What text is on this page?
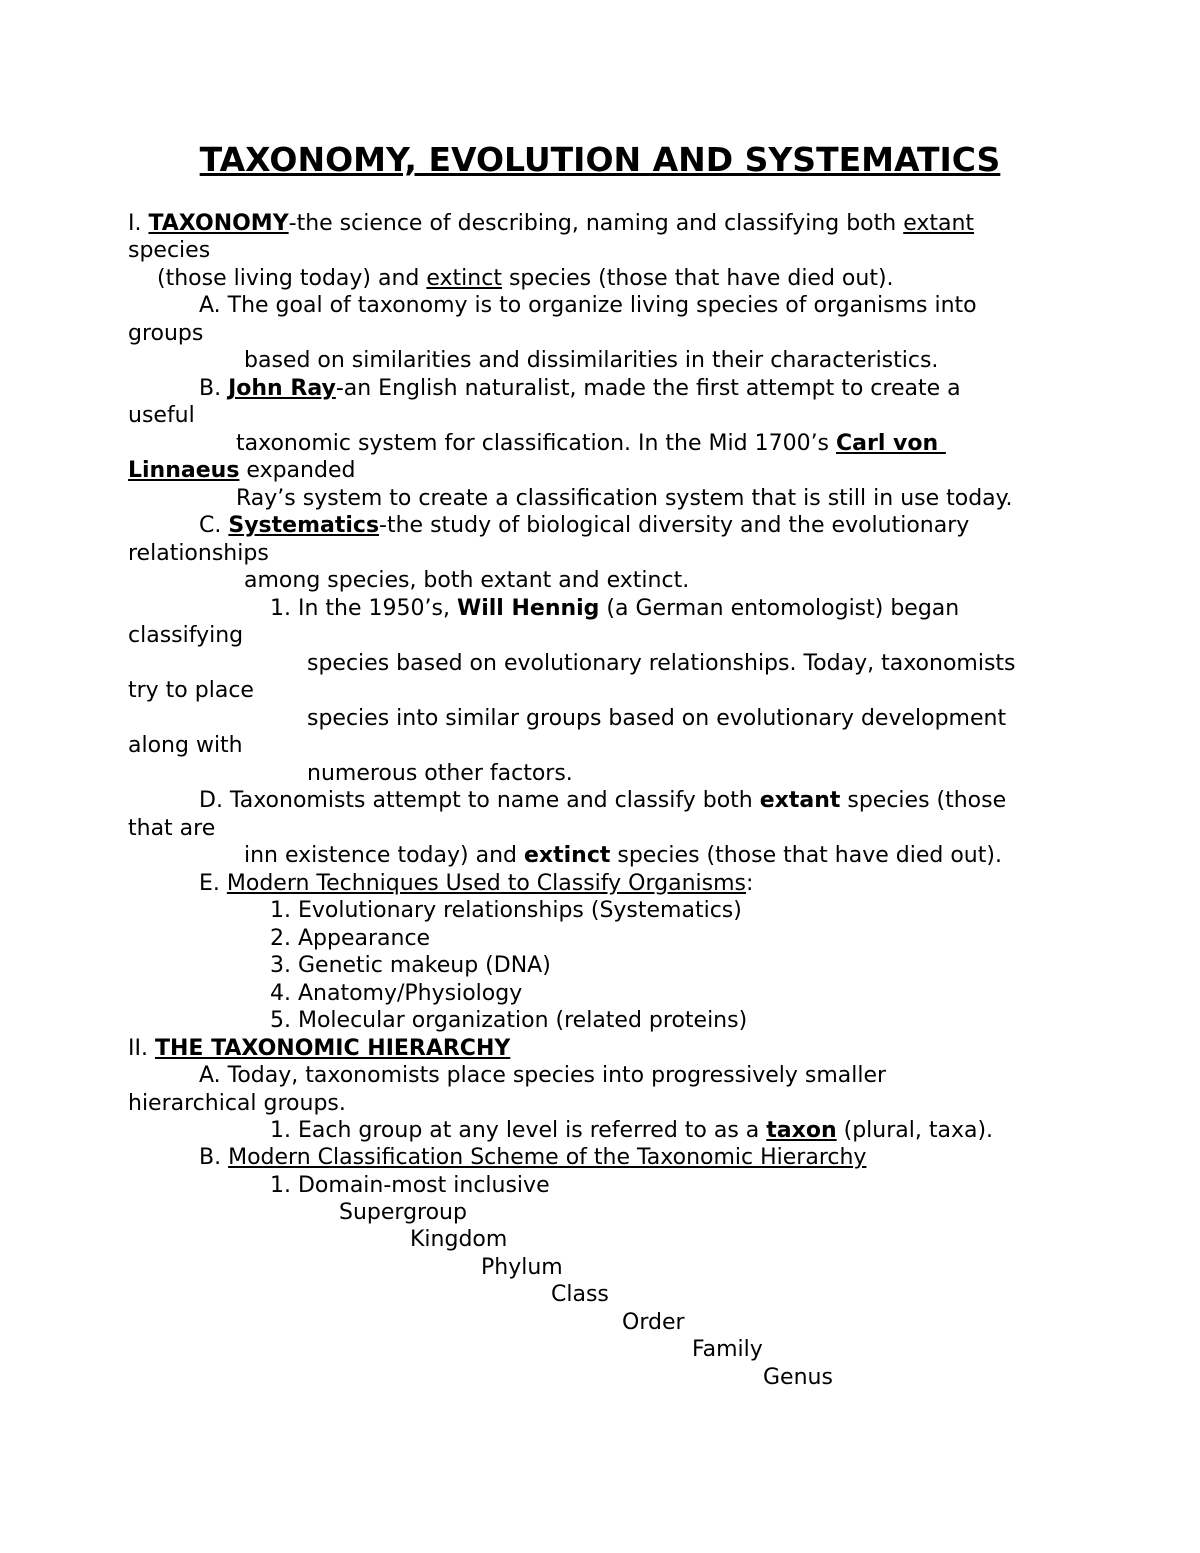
TAXONOMY, EVOLUTION AND SYSTEMATICS
I. TAXONOMY-the science of describing, naming and classifying both extant
species
(those living today) and extinct species (those that have died out).
A. The goal of taxonomy is to organize living species of organisms into
groups
based on similarities and dissimilarities in their characteristics.
B. John Ray-an English naturalist, made the first attempt to create a
useful
taxonomic system for classification. In the Mid 1700’s Carl von
Linnaeus expanded
Ray’s system to create a classification system that is still in use today.
C. Systematics-the study of biological diversity and the evolutionary
relationships
among species, both extant and extinct.
1. In the 1950’s, Will Hennig (a German entomologist) began
classifying
species based on evolutionary relationships. Today, taxonomists
try to place
species into similar groups based on evolutionary development
along with
numerous other factors.
D. Taxonomists attempt to name and classify both extant species (those
that are
inn existence today) and extinct species (those that have died out).
E. Modern Techniques Used to Classify Organisms:
1. Evolutionary relationships (Systematics)
2. Appearance
3. Genetic makeup (DNA)
4. Anatomy/Physiology
5. Molecular organization (related proteins)
II. THE TAXONOMIC HIERARCHY
A. Today, taxonomists place species into progressively smaller
hierarchical groups.
1. Each group at any level is referred to as a taxon (plural, taxa).
B. Modern Classification Scheme of the Taxonomic Hierarchy
1. Domain-most inclusive
Supergroup
Kingdom
Phylum
Class
Order
Family
Genus
